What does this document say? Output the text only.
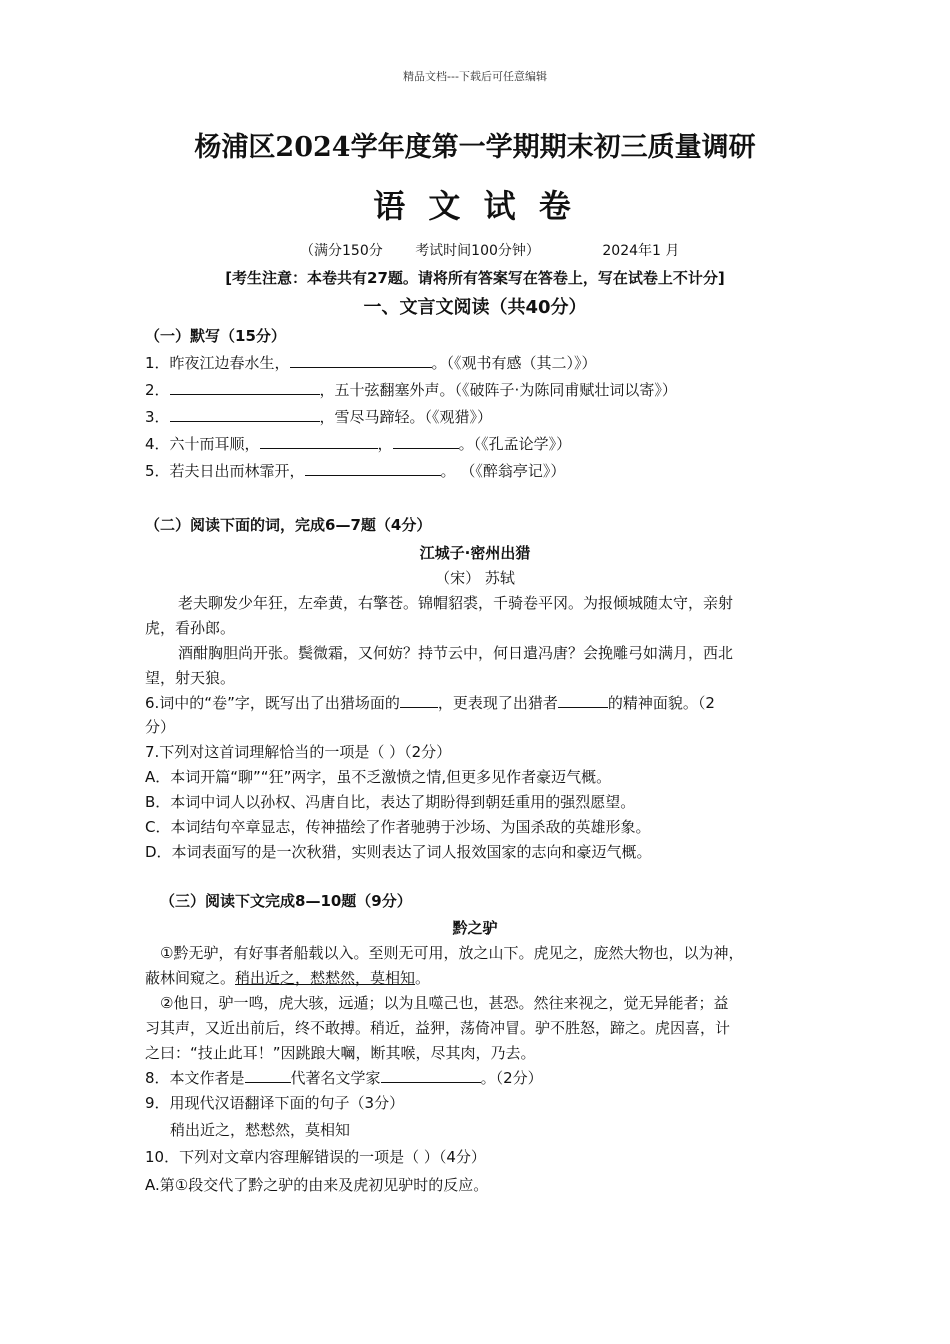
精品文档---下载后可任意编辑
杨浦区2024学年度第一学期期末初三质量调研
语 文 试 卷
（满分150分 考试时间100分钟）	2024年1 月
[考生注意：本卷共有27题。请将所有答案写在答卷上，写在试卷上不计分]
一、文言文阅读（共40分）
（一）默写（15分）
1．昨夜江边春水生，	。（《观书有感（其二）》）
2．	，五十弦翻塞外声。（《破阵子·为陈同甫赋壮词以寄》）
3．	，雪尽马蹄轻。（《观猎》）
4．六十而耳顺，	，	。（《孔孟论学》）
5．若夫日出而林霏开，	。 （《醉翁亭记》）
（二）阅读下面的词，完成6—7题（4分）
江城子·密州出猎
（宋） 苏轼
老夫聊发少年狂，左牵黄，右擎苍。锦帽貂裘，千骑卷平冈。为报倾城随太守，亲射
虎，看孙郎。
酒酣胸胆尚开张。鬓微霜，又何妨？持节云中，何日遣冯唐？会挽雕弓如满月，西北
望，射天狼。
6.词中的“卷”字，既写出了出猎场面的	，更表现了出猎者	的精神面貌。（2
分）
7.下列对这首词理解恰当的一项是（ ）（2分）
A．本词开篇“聊”“狂”两字，虽不乏激愤之情,但更多见作者豪迈气概。
B．本词中词人以孙权、冯唐自比，表达了期盼得到朝廷重用的强烈愿望。
C．本词结句卒章显志，传神描绘了作者驰骋于沙场、为国杀敌的英雄形象。
D．本词表面写的是一次秋猎，实则表达了词人报效国家的志向和豪迈气概。
（三）阅读下文完成8—10题（9分）
黔之驴
①黔无驴，有好事者船载以入。至则无可用，放之山下。虎见之，庞然大物也，以为神，
蔽林间窥之。稍出近之，慭慭然，莫相知。
②他日，驴一鸣，虎大骇，远遁；以为且噬己也，甚恐。然往来视之，觉无异能者；益
习其声，又近出前后，终不敢搏。稍近，益狎，荡倚冲冒。驴不胜怒，蹄之。虎因喜，计
之曰：“技止此耳！”因跳踉大㘎，断其喉，尽其肉，乃去。
8．本文作者是	代著名文学家	。（2分）
9．用现代汉语翻译下面的句子（3分）
稍出近之，慭慭然，莫相知
10．下列对文章内容理解错误的一项是（ ）（4分）
A.第①段交代了黔之驴的由来及虎初见驴时的反应。
